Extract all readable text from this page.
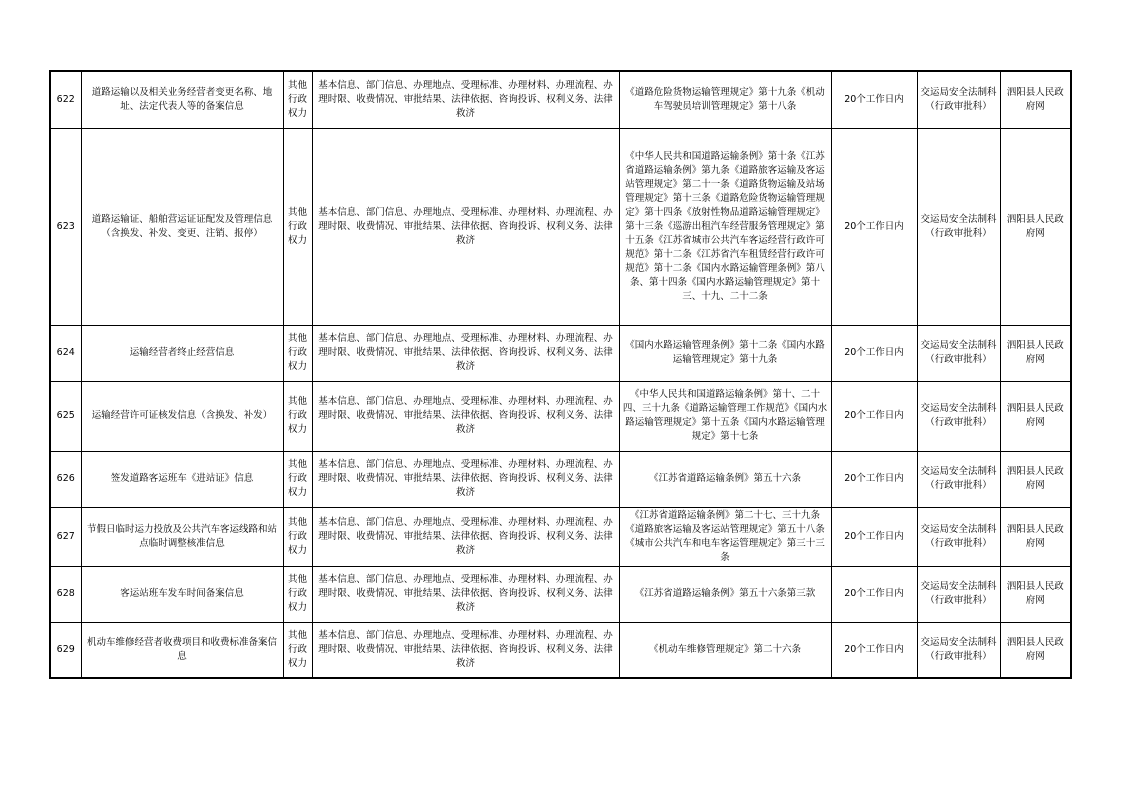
622	道路运输以及相关业务经营者变更名称、地址、法定代表人等的备案信息	其他行政权力	基本信息、部门信息、办理地点、受理标准、办理材料、办理流程、办理时限、收费情况、审批结果、法律依据、咨询投诉、权利义务、法律救济	《道路危险货物运输管理规定》第十九条《机动车驾驶员培训管理规定》第十八条	20个工作日内	交运局安全法制科（行政审批科）	泗阳县人民政府网
623	道路运输证、船舶营运证证配发及管理信息（含换发、补发、变更、注销、报停）	其他行政权力	基本信息、部门信息、办理地点、受理标准、办理材料、办理流程、办理时限、收费情况、审批结果、法律依据、咨询投诉、权利义务、法律救济	《中华人民共和国道路运输条例》第十条《江苏省道路运输条例》第九条《道路旅客运输及客运站管理规定》第二十一条《道路货物运输及站场管理规定》第十三条《道路危险货物运输管理规定》第十四条《放射性物品道路运输管理规定》第十三条《巡游出租汽车经营服务管理规定》第十五条《江苏省城市公共汽车客运经营行政许可规范》第十二条《江苏省汽车租赁经营行政许可规范》第十二条《国内水路运输管理条例》第八条、第十四条《国内水路运输管理规定》第十三、十九、二十二条	20个工作日内	交运局安全法制科（行政审批科）	泗阳县人民政府网
624	运输经营者终止经营信息	其他行政权力	基本信息、部门信息、办理地点、受理标准、办理材料、办理流程、办理时限、收费情况、审批结果、法律依据、咨询投诉、权利义务、法律救济	《国内水路运输管理条例》第十二条《国内水路运输管理规定》第十九条	20个工作日内	交运局安全法制科（行政审批科）	泗阳县人民政府网
625	运输经营许可证核发信息（含换发、补发）	其他行政权力	基本信息、部门信息、办理地点、受理标准、办理材料、办理流程、办理时限、收费情况、审批结果、法律依据、咨询投诉、权利义务、法律救济	《中华人民共和国道路运输条例》第十、二十四、三十九条《道路运输管理工作规范》《国内水路运输管理规定》第十五条《国内水路运输管理规定》第十七条	20个工作日内	交运局安全法制科（行政审批科）	泗阳县人民政府网
626	签发道路客运班车《进站证》信息	其他行政权力	基本信息、部门信息、办理地点、受理标准、办理材料、办理流程、办理时限、收费情况、审批结果、法律依据、咨询投诉、权利义务、法律救济	《江苏省道路运输条例》第五十六条	20个工作日内	交运局安全法制科（行政审批科）	泗阳县人民政府网
627	节假日临时运力投放及公共汽车客运线路和站点临时调整核准信息	其他行政权力	基本信息、部门信息、办理地点、受理标准、办理材料、办理流程、办理时限、收费情况、审批结果、法律依据、咨询投诉、权利义务、法律救济	《江苏省道路运输条例》第二十七、三十九条《道路旅客运输及客运站管理规定》第五十八条《城市公共汽车和电车客运管理规定》第三十三条	20个工作日内	交运局安全法制科（行政审批科）	泗阳县人民政府网
628	客运站班车发车时间备案信息	其他行政权力	基本信息、部门信息、办理地点、受理标准、办理材料、办理流程、办理时限、收费情况、审批结果、法律依据、咨询投诉、权利义务、法律救济	《江苏省道路运输条例》第五十六条第三款	20个工作日内	交运局安全法制科（行政审批科）	泗阳县人民政府网
629	机动车维修经营者收费项目和收费标准备案信息	其他行政权力	基本信息、部门信息、办理地点、受理标准、办理材料、办理流程、办理时限、收费情况、审批结果、法律依据、咨询投诉、权利义务、法律救济	《机动车维修管理规定》第二十六条	20个工作日内	交运局安全法制科（行政审批科）	泗阳县人民政府网
